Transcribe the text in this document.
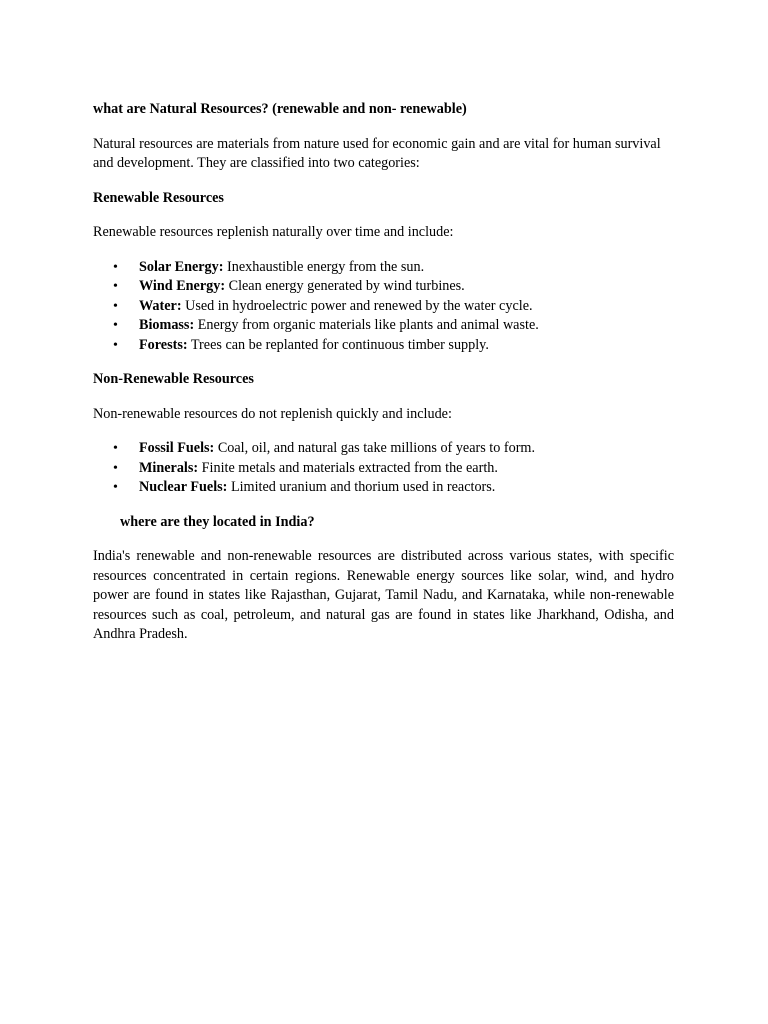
what are Natural Resources? (renewable and non- renewable)

Natural resources are materials from nature used for economic gain and are vital for human survival and development. They are classified into two categories:

Renewable Resources

Renewable resources replenish naturally over time and include:

• Solar Energy: Inexhaustible energy from the sun.
• Wind Energy: Clean energy generated by wind turbines.
• Water: Used in hydroelectric power and renewed by the water cycle.
• Biomass: Energy from organic materials like plants and animal waste.
• Forests: Trees can be replanted for continuous timber supply.
Non-Renewable Resources

Non-renewable resources do not replenish quickly and include:

• Fossil Fuels: Coal, oil, and natural gas take millions of years to form.
• Minerals: Finite metals and materials extracted from the earth.
• Nuclear Fuels: Limited uranium and thorium used in reactors.
where are they located in India?

India's renewable and non-renewable resources are distributed across various states, with specific resources concentrated in certain regions. Renewable energy sources like solar, wind, and hydro power are found in states like Rajasthan, Gujarat, Tamil Nadu, and Karnataka, while non-renewable resources such as coal, petroleum, and natural gas are found in states like Jharkhand, Odisha, and Andhra Pradesh.
